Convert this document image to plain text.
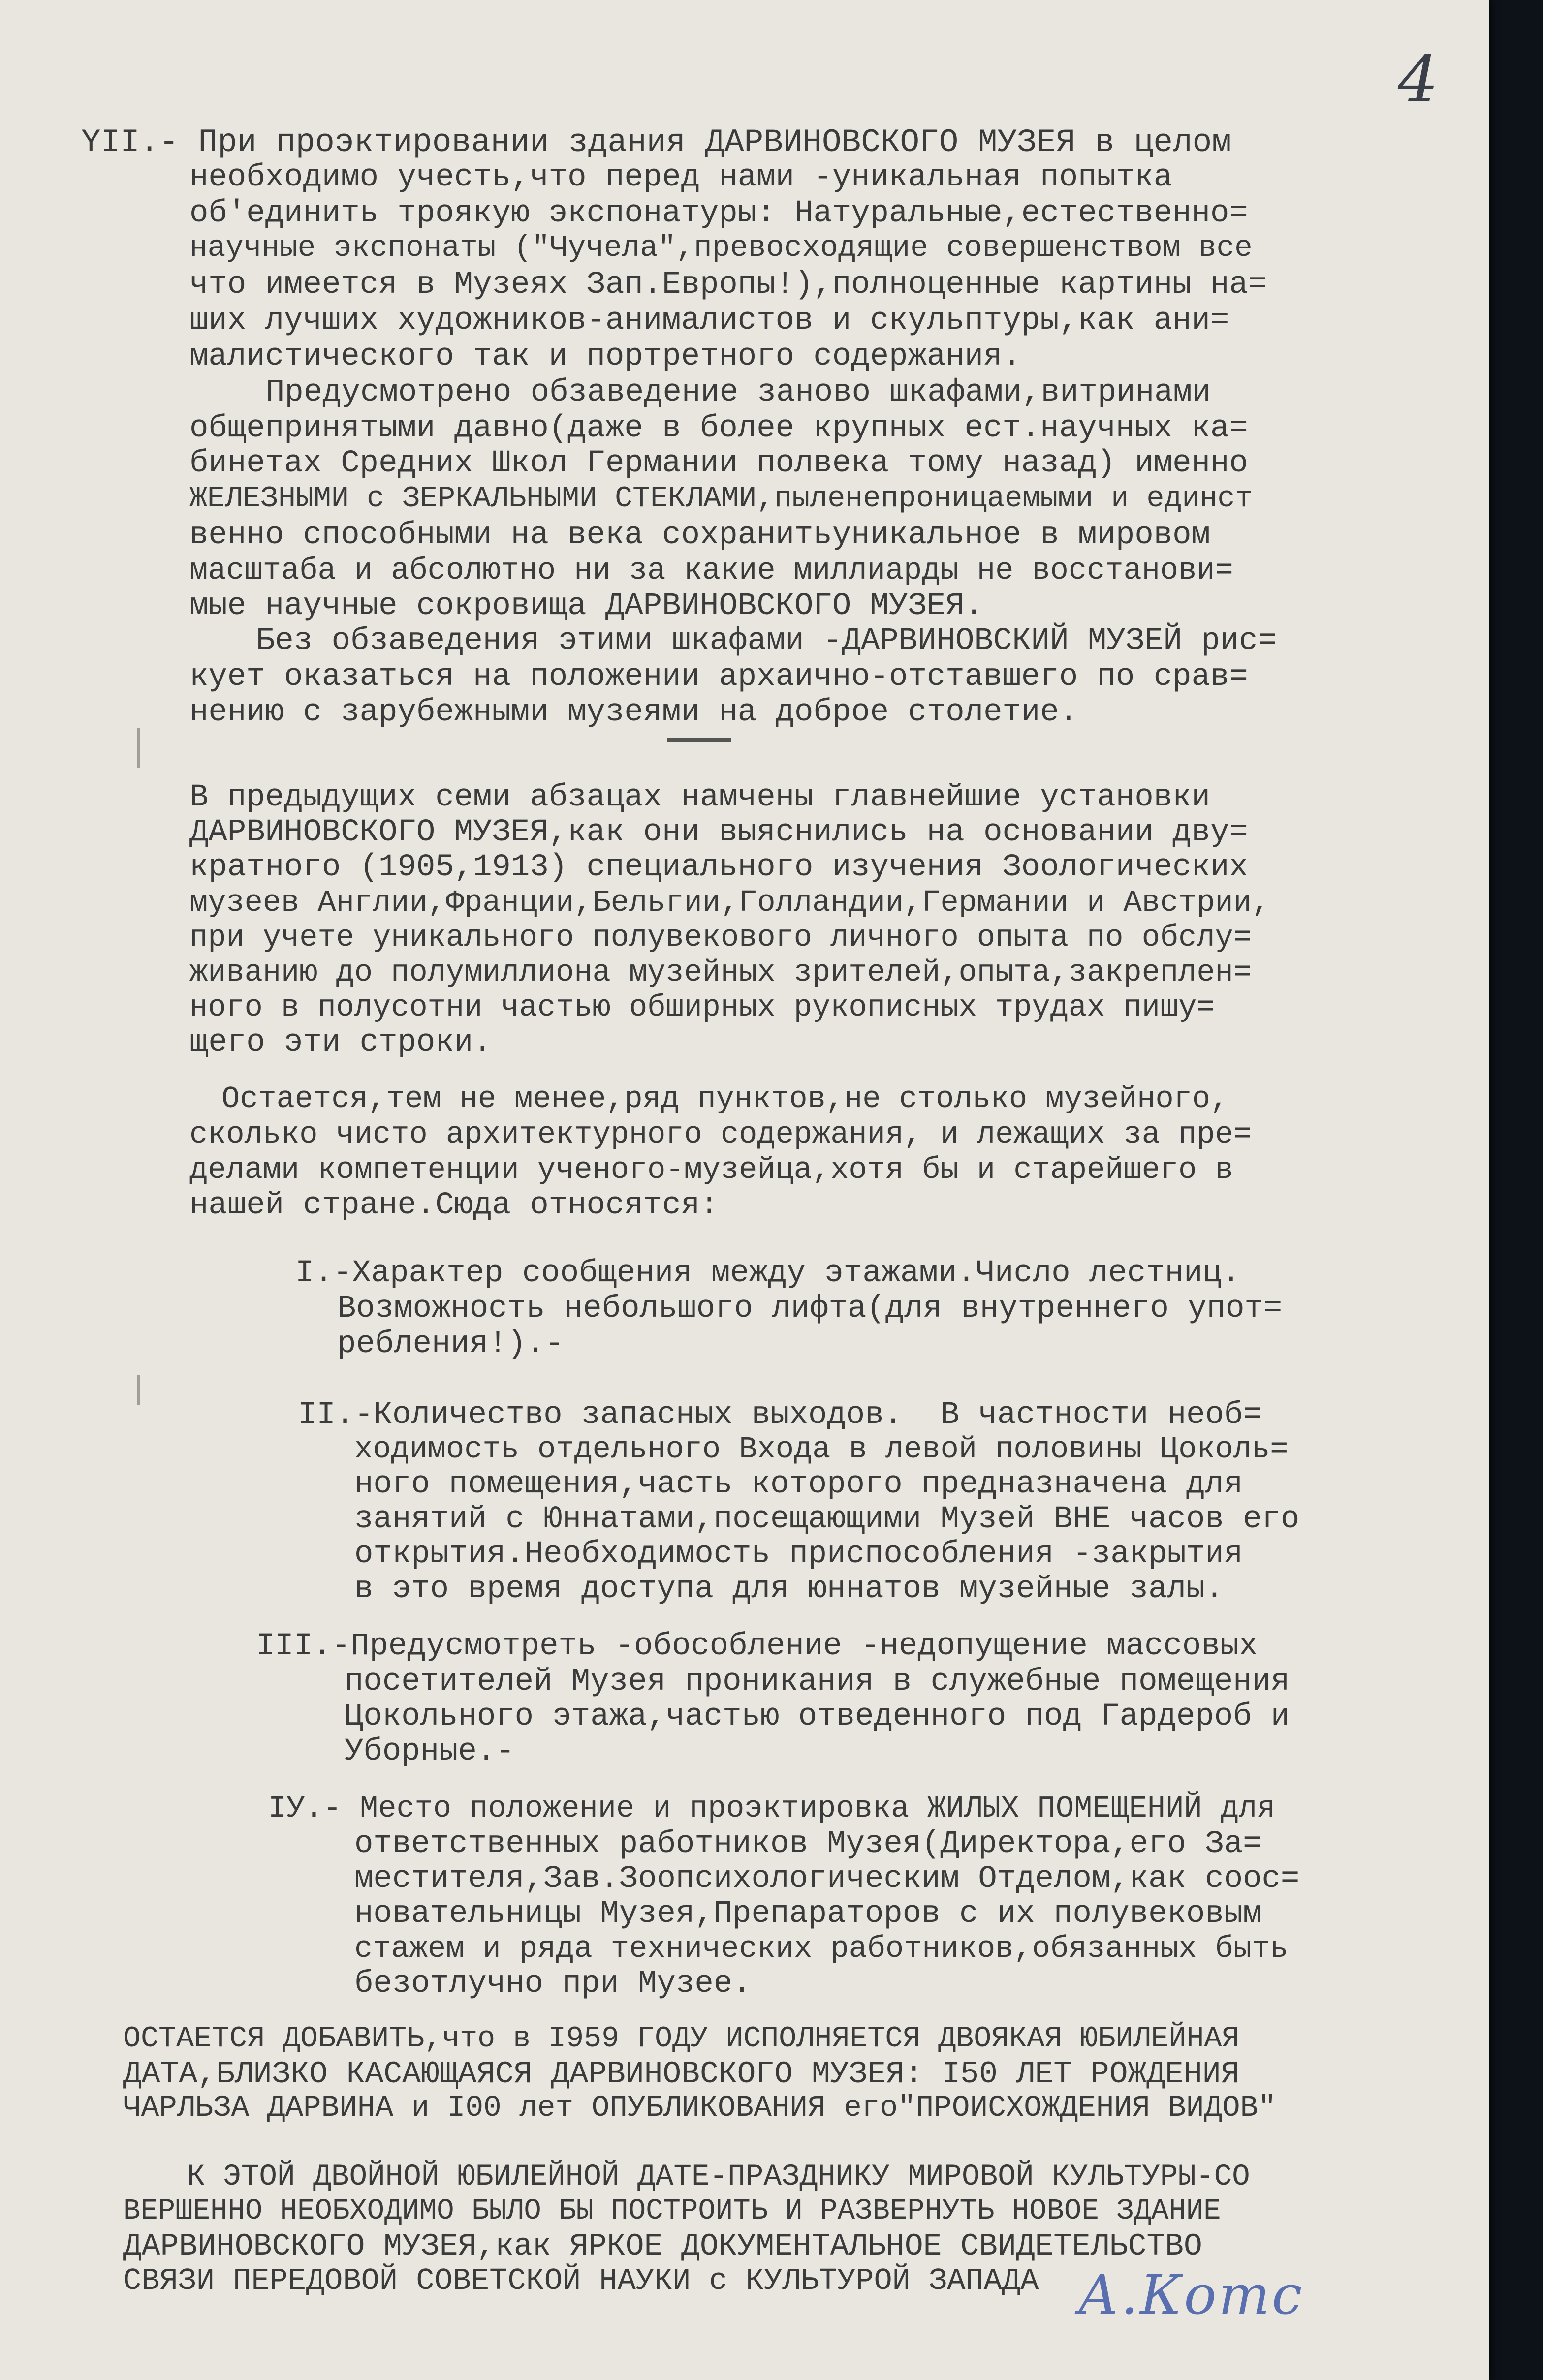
4
YII.- При проэктировании здания ДАРВИНОВСКОГО МУЗЕЯ в целом
необходимо учесть,что перед нами -уникальная попытка
об'единить троякую экспонатуры: Натуральные,естественно=
научные экспонаты ("Чучела",превосходящие совершенством все
что имеется в Музеях Зап.Европы!),полноценные картины на=
ших лучших художников-анималистов и скульптуры,как ани=
малистического так и портретного содержания.
Предусмотрено обзаведение заново шкафами,витринами
общепринятыми давно(даже в более крупных ест.научных ка=
бинетах Средних Школ Германии полвека тому назад) именно
ЖЕЛЕЗНЫМИ с ЗЕРКАЛЬНЫМИ СТЕКЛАМИ,пыленепроницаемыми и единст
венно способными на века сохранитьуникальное в мировом
масштаба и абсолютно ни за какие миллиарды не восстанови=
мые научные сокровища ДАРВИНОВСКОГО МУЗЕЯ.
Без обзаведения этими шкафами -ДАРВИНОВСКИЙ МУЗЕЙ рис=
кует оказаться на положении архаично-отставшего по срав=
нению с зарубежными музеями на доброе столетие.
В предыдущих семи абзацах намчены главнейшие установки
ДАРВИНОВСКОГО МУЗЕЯ,как они выяснились на основании дву=
кратного (1905,1913) специального изучения Зоологических
музеев Англии,Франции,Бельгии,Голландии,Германии и Австрии,
при учете уникального полувекового личного опыта по обслу=
живанию до полумиллиона музейных зрителей,опыта,закреплен=
ного в полусотни частью обширных рукописных трудах пишу=
щего эти строки.
Остается,тем не менее,ряд пунктов,не столько музейного,
сколько чисто архитектурного содержания, и лежащих за пре=
делами компетенции ученого-музейца,хотя бы и старейшего в
нашей стране.Сюда относятся:
I.-Характер сообщения между этажами.Число лестниц.
Возможность небольшого лифта(для внутреннего упот=
ребления!).-
II.-Количество запасных выходов.  В частности необ=
ходимость отдельного Входа в левой половины Цоколь=
ного помещения,часть которого предназначена для
занятий с Юннатами,посещающими Музей ВНЕ часов его
открытия.Необходимость приспособления -закрытия
в это время доступа для юннатов музейные залы.
III.-Предусмотреть -обособление -недопущение массовых
посетителей Музея проникания в служебные помещения
Цокольного этажа,частью отведенного под Гардероб и
Уборные.-
IУ.- Место положение и проэктировка ЖИЛЫХ ПОМЕЩЕНИЙ для
ответственных работников Музея(Директора,его За=
местителя,Зав.Зоопсихологическим Отделом,как соос=
новательницы Музея,Препараторов с их полувековым
стажем и ряда технических работников,обязанных быть
безотлучно при Музее.
ОСТАЕТСЯ ДОБАВИТЬ,что в I959 ГОДУ ИСПОЛНЯЕТСЯ ДВОЯКАЯ ЮБИЛЕЙНАЯ
ДАТА,БЛИЗКО КАСАЮЩАЯСЯ ДАРВИНОВСКОГО МУЗЕЯ: I50 ЛЕТ РОЖДЕНИЯ
ЧАРЛЬЗА ДАРВИНА и I00 лет ОПУБЛИКОВАНИЯ его"ПРОИСХОЖДЕНИЯ ВИДОВ"
К ЭТОЙ ДВОЙНОЙ ЮБИЛЕЙНОЙ ДАТЕ-ПРАЗДНИКУ МИРОВОЙ КУЛЬТУРЫ-СО
ВЕРШЕННО НЕОБХОДИМО БЫЛО БЫ ПОСТРОИТЬ И РАЗВЕРНУТЬ НОВОЕ ЗДАНИЕ
ДАРВИНОВСКОГО МУЗЕЯ,как ЯРКОЕ ДОКУМЕНТАЛЬНОЕ СВИДЕТЕЛЬСТВО
СВЯЗИ ПЕРЕДОВОЙ СОВЕТСКОЙ НАУКИ с КУЛЬТУРОЙ ЗАПАДА А.Котс
